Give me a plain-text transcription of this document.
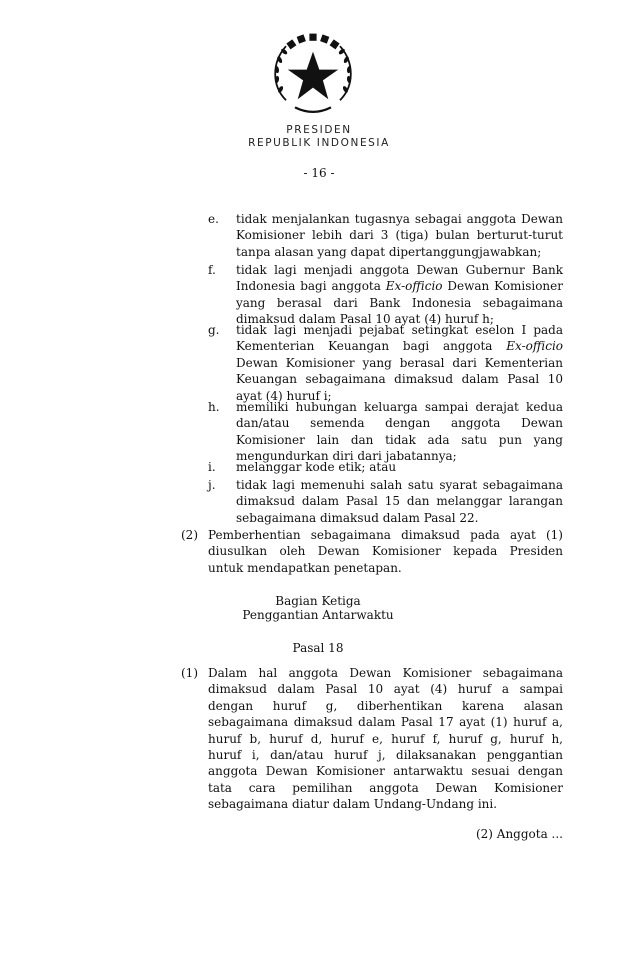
PRESIDEN
REPUBLIK INDONESIA
- 16 -
e. tidak menjalankan tugasnya sebagai anggota Dewan
Komisioner lebih dari 3 (tiga) bulan berturut-turut
tanpa alasan yang dapat dipertanggungjawabkan;
f. tidak lagi menjadi anggota Dewan Gubernur Bank
Indonesia bagi anggota Ex-officio Dewan Komisioner
yang berasal dari Bank Indonesia sebagaimana
dimaksud dalam Pasal 10 ayat (4) huruf h;
g. tidak lagi menjadi pejabat setingkat eselon I pada
Kementerian Keuangan bagi anggota Ex-officio
Dewan Komisioner yang berasal dari Kementerian
Keuangan sebagaimana dimaksud dalam Pasal 10
ayat (4) huruf i;
h. memiliki hubungan keluarga sampai derajat kedua
dan/atau semenda dengan anggota Dewan
Komisioner lain dan tidak ada satu pun yang
mengundurkan diri dari jabatannya;
i. melanggar kode etik; atau
j. tidak lagi memenuhi salah satu syarat sebagaimana
dimaksud dalam Pasal 15 dan melanggar larangan
sebagaimana dimaksud dalam Pasal 22.
(2) Pemberhentian sebagaimana dimaksud pada ayat (1)
diusulkan oleh Dewan Komisioner kepada Presiden
untuk mendapatkan penetapan.
Bagian Ketiga
Penggantian Antarwaktu
Pasal 18
(1) Dalam hal anggota Dewan Komisioner sebagaimana
dimaksud dalam Pasal 10 ayat (4) huruf a sampai
dengan huruf g, diberhentikan karena alasan
sebagaimana dimaksud dalam Pasal 17 ayat (1) huruf a,
huruf b, huruf d, huruf e, huruf f, huruf g, huruf h,
huruf i, dan/atau huruf j, dilaksanakan penggantian
anggota Dewan Komisioner antarwaktu sesuai dengan
tata cara pemilihan anggota Dewan Komisioner
sebagaimana diatur dalam Undang-Undang ini.
(2) Anggota ...
